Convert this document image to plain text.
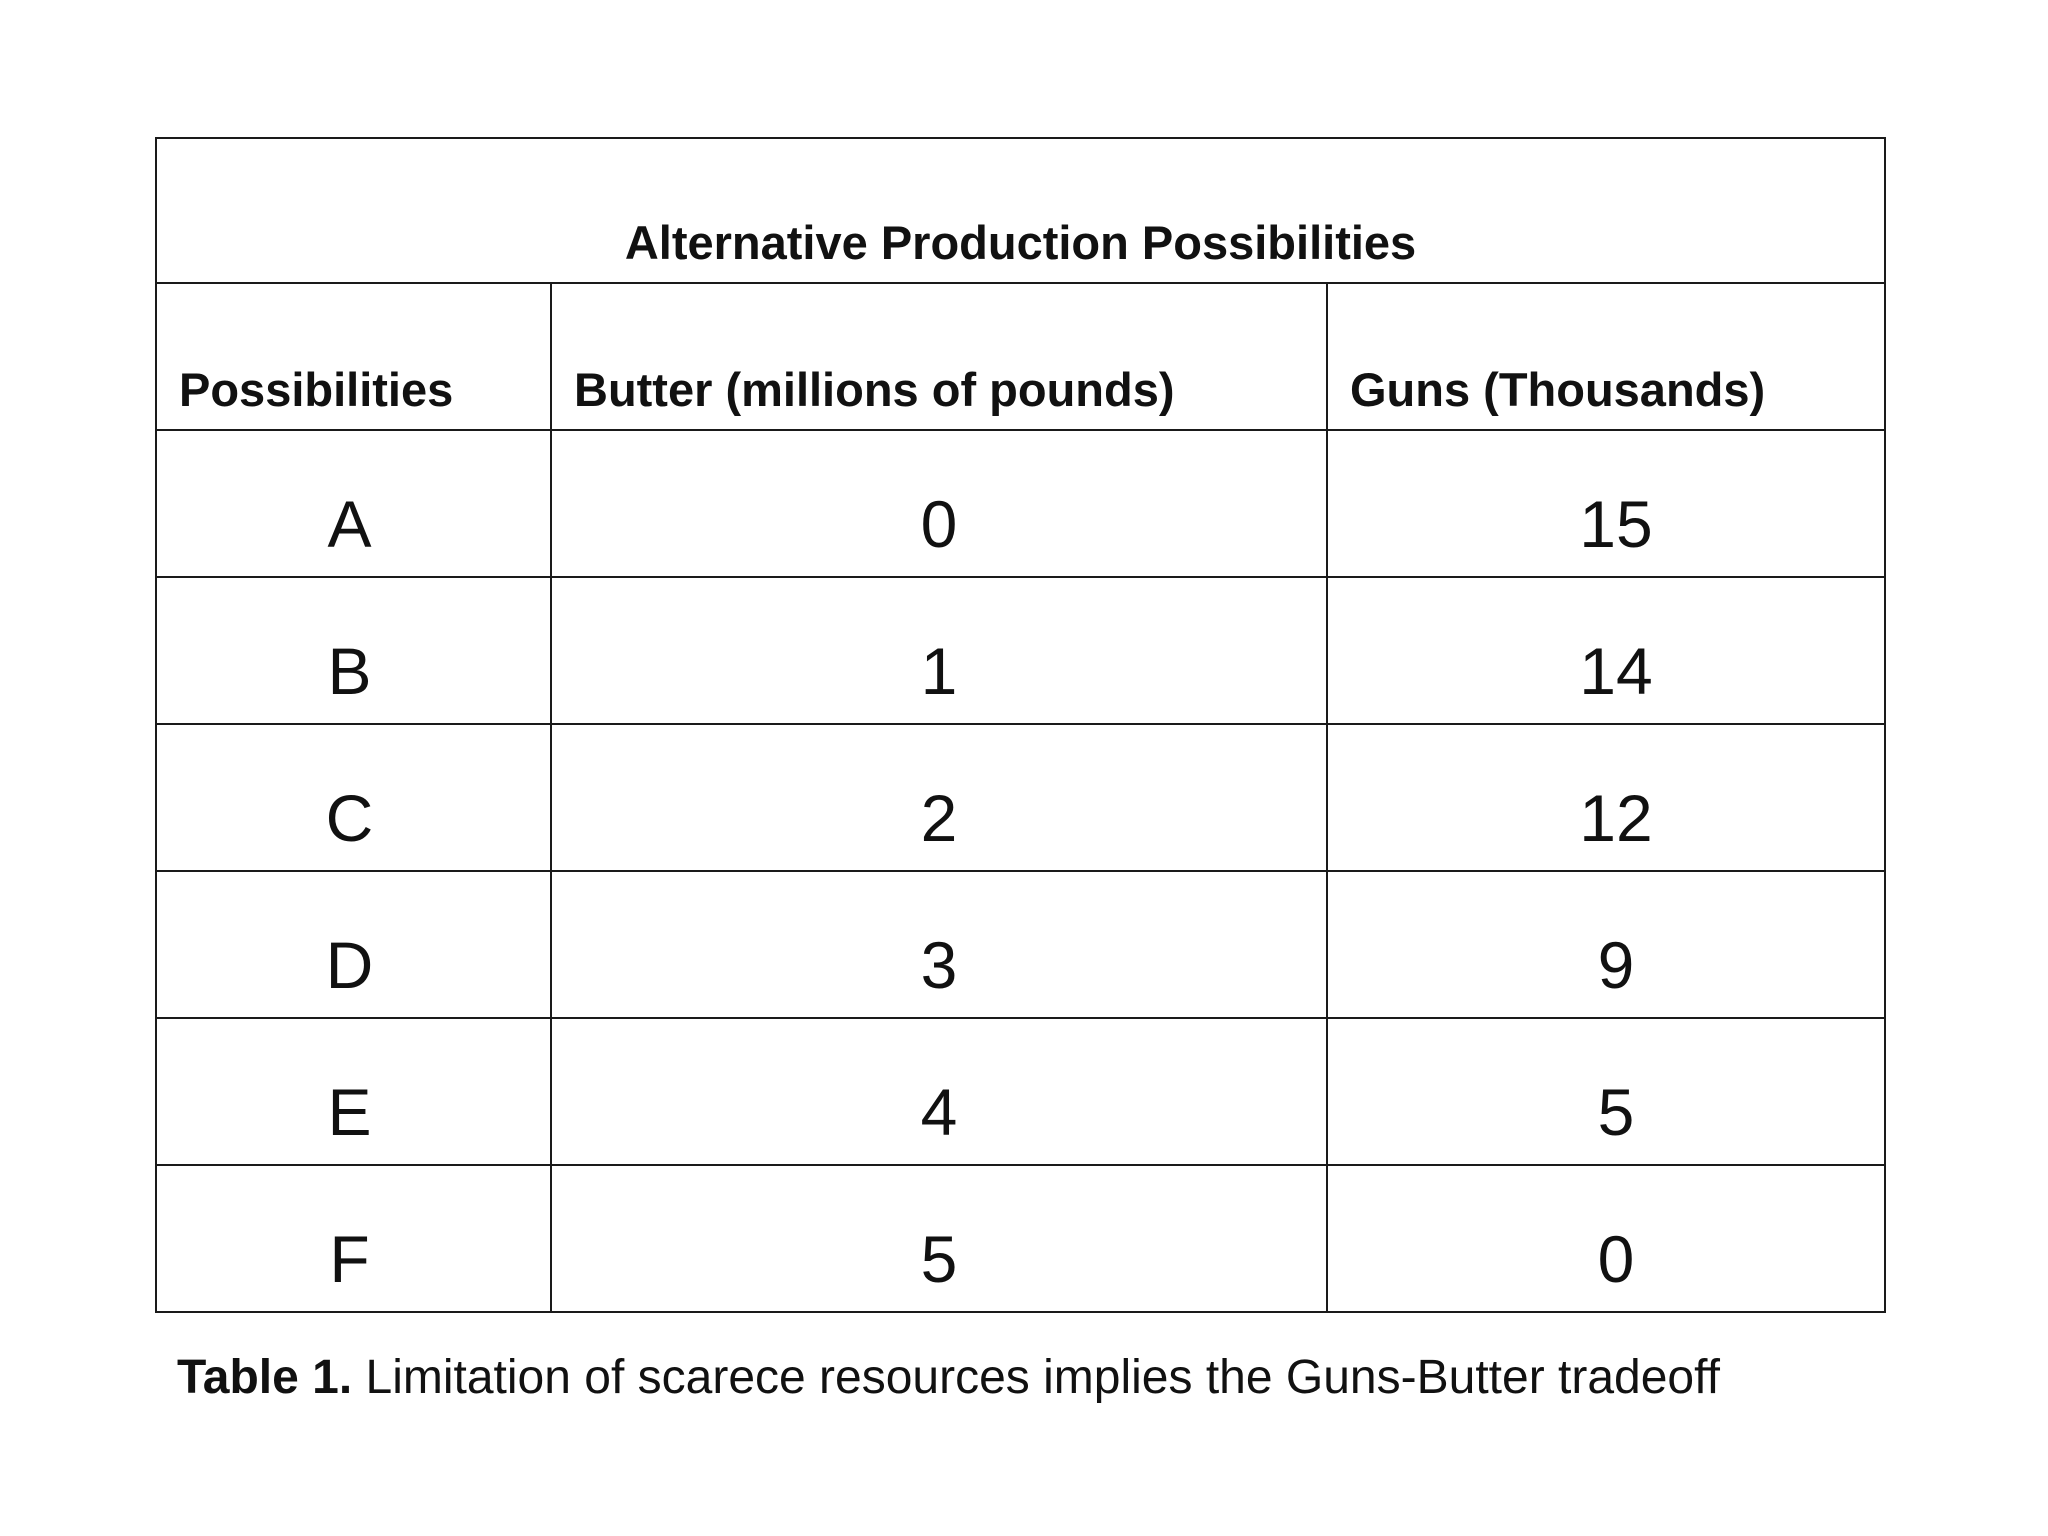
Alternative Production Possibilities		
Possibilities	Butter (millions of pounds)	Guns (Thousands)
A	0	15
B	1	14
C	2	12
D	3	9
E	4	5
F	5	0
Table 1. Limitation of scarece resources implies the Guns-Butter tradeoff
